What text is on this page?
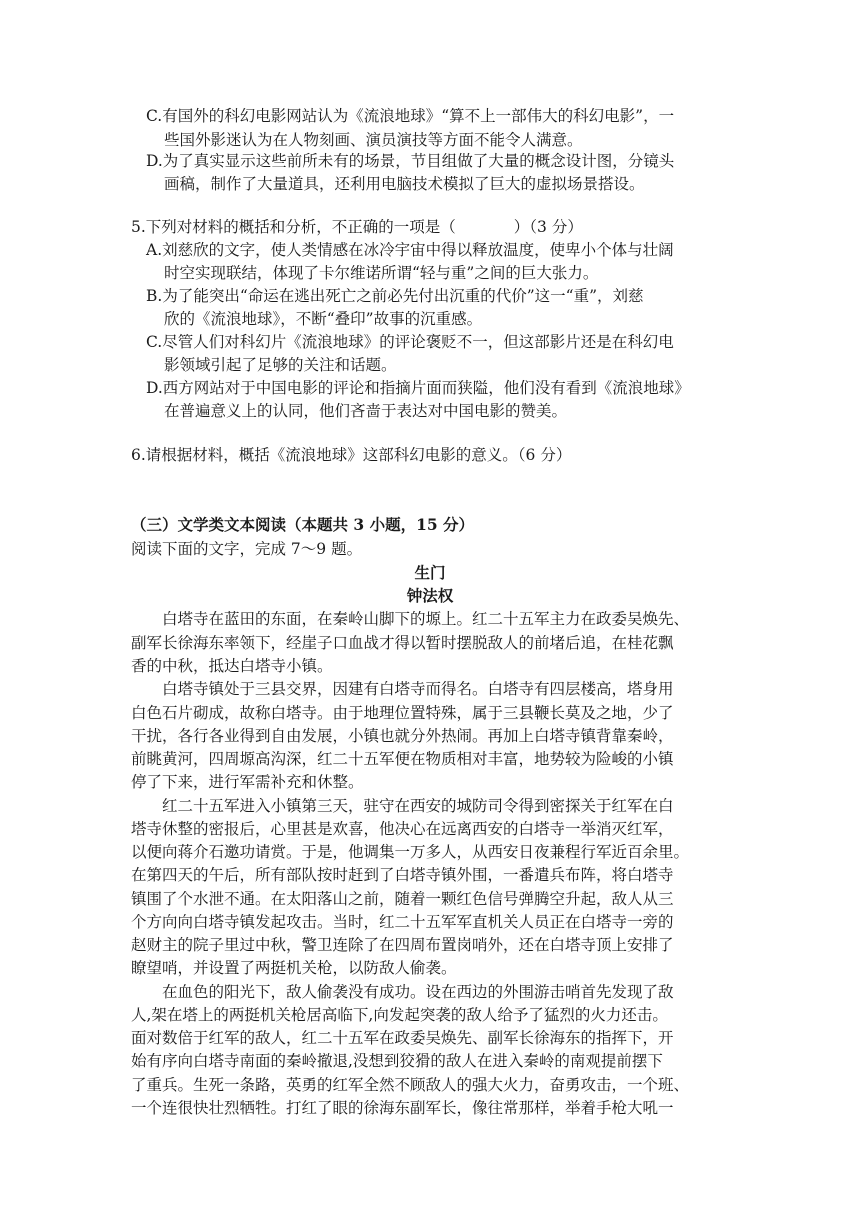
C.有国外的科幻电影网站认为《流浪地球》“算不上一部伟大的科幻电影”，一
些国外影迷认为在人物刻画、演员演技等方面不能令人满意。
D.为了真实显示这些前所未有的场景，节目组做了大量的概念设计图，分镜头
画稿，制作了大量道具，还利用电脑技术模拟了巨大的虚拟场景搭设。
5.下列对材料的概括和分析，不正确的一项是（	）（3 分）
A.刘慈欣的文字，使人类情感在冰冷宇宙中得以释放温度，使卑小个体与壮阔
时空实现联结，体现了卡尔维诺所谓“轻与重”之间的巨大张力。
B.为了能突出“命运在逃出死亡之前必先付出沉重的代价”这一“重”，刘慈
欣的《流浪地球》，不断“叠印”故事的沉重感。
C.尽管人们对科幻片《流浪地球》的评论褒贬不一，但这部影片还是在科幻电
影领域引起了足够的关注和话题。
D.西方网站对于中国电影的评论和指摘片面而狭隘，他们没有看到《流浪地球》
在普遍意义上的认同，他们吝啬于表达对中国电影的赞美。
6.请根据材料，概括《流浪地球》这部科幻电影的意义。（6 分）
（三）文学类文本阅读（本题共 3 小题，15 分）
阅读下面的文字，完成 7～9 题。
生门
钟法权
白塔寺在蓝田的东面，在秦岭山脚下的塬上。红二十五军主力在政委吴焕先、
副军长徐海东率领下，经崖子口血战才得以暂时摆脱敌人的前堵后追，在桂花飘
香的中秋，抵达白塔寺小镇。
白塔寺镇处于三县交界，因建有白塔寺而得名。白塔寺有四层楼高，塔身用
白色石片砌成，故称白塔寺。由于地理位置特殊，属于三县鞭长莫及之地，少了
干扰，各行各业得到自由发展，小镇也就分外热闹。再加上白塔寺镇背靠秦岭，
前眺黄河，四周塬高沟深，红二十五军便在物质相对丰富，地势较为险峻的小镇
停了下来，进行军需补充和休整。
红二十五军进入小镇第三天，驻守在西安的城防司令得到密探关于红军在白
塔寺休整的密报后，心里甚是欢喜，他决心在远离西安的白塔寺一举消灭红军，
以便向蒋介石邀功请赏。于是，他调集一万多人，从西安日夜兼程行军近百余里。
在第四天的午后，所有部队按时赶到了白塔寺镇外围，一番遣兵布阵，将白塔寺
镇围了个水泄不通。在太阳落山之前，随着一颗红色信号弹腾空升起，敌人从三
个方向向白塔寺镇发起攻击。当时，红二十五军军直机关人员正在白塔寺一旁的
赵财主的院子里过中秋，警卫连除了在四周布置岗哨外，还在白塔寺顶上安排了
瞭望哨，并设置了两挺机关枪，以防敌人偷袭。
在血色的阳光下，敌人偷袭没有成功。设在西边的外围游击哨首先发现了敌
人,架在塔上的两挺机关枪居高临下,向发起突袭的敌人给予了猛烈的火力还击。
面对数倍于红军的敌人，红二十五军在政委吴焕先、副军长徐海东的指挥下，开
始有序向白塔寺南面的秦岭撤退,没想到狡猾的敌人在进入秦岭的南观提前摆下
了重兵。生死一条路，英勇的红军全然不顾敌人的强大火力，奋勇攻击，一个班、
一个连很快壮烈牺牲。打红了眼的徐海东副军长，像往常那样，举着手枪大吼一
